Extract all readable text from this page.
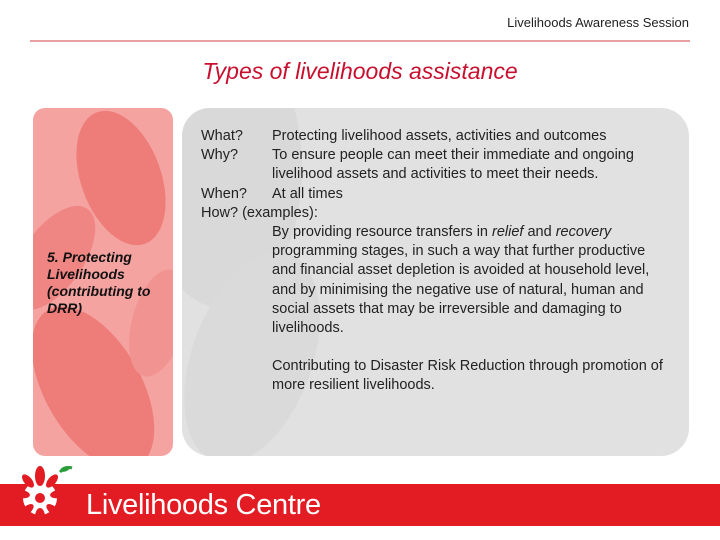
Livelihoods Awareness Session
Types of livelihoods assistance
5. Protecting Livelihoods (contributing to DRR)
What?	Protecting livelihood assets, activities and outcomes
Why?	To ensure people can meet their immediate and ongoing livelihood assets and activities to meet their needs.
When?	At all times
How? (examples):
By providing resource transfers in relief and recovery programming stages, in such a way that further productive and financial asset depletion is avoided at household level, and by minimising the negative use of natural, human and social assets that may be irreversible and damaging to livelihoods.
Contributing to Disaster Risk Reduction through promotion of more resilient livelihoods.
Livelihoods Centre
